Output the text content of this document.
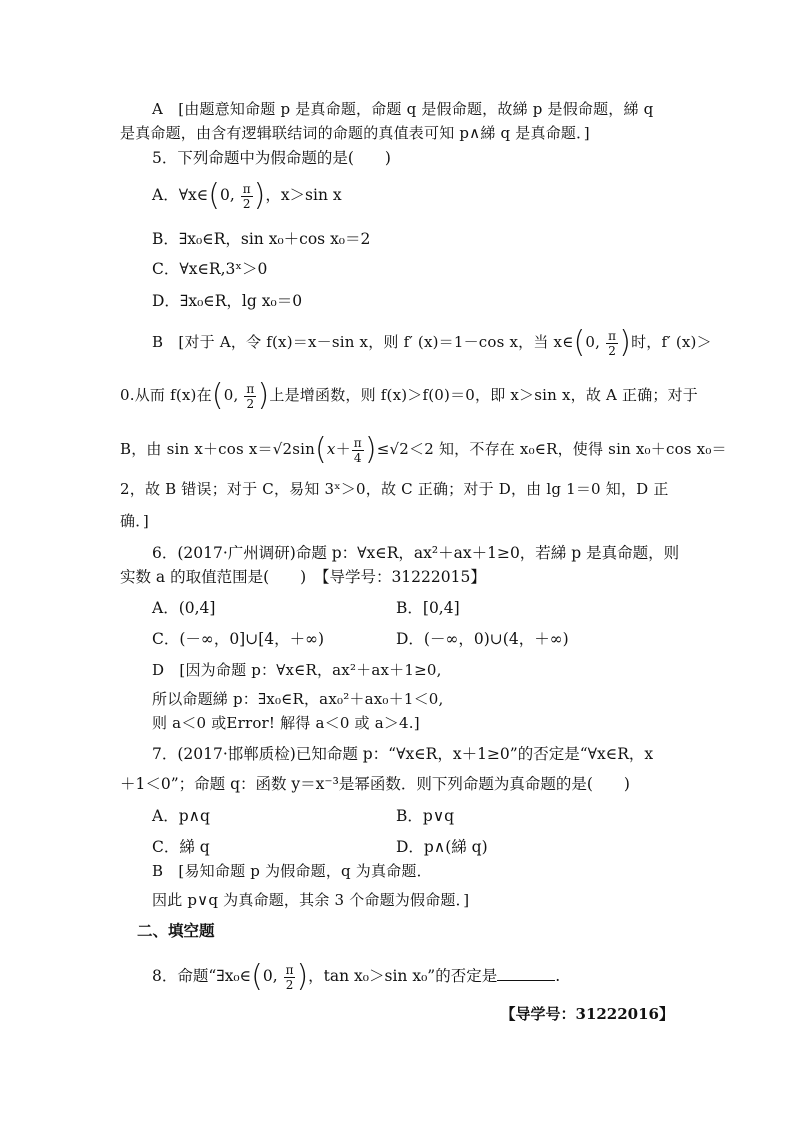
A　[由题意知命题 p 是真命题，命题 q 是假命题，故綈 p 是假命题，綈 q
是真命题，由含有逻辑联结词的命题的真值表可知 p∧綈 q 是真命题．]
5．下列命题中为假命题的是(　　)
A．∀x∈(0, $\frac{\pi}{2}$ )，x＞sin x
B．∃x₀∈R，sin x₀＋cos x₀＝2
C．∀x∈R,3ˣ＞0
D．∃x₀∈R，lg x₀＝0
B　[对于 A，令 f(x)＝x－sin x，则 f′ (x)＝1－cos x，当 x∈(0, $\frac{\pi}{2}$ )时，f′ (x)＞
0.从而 f(x)在(0, $\frac{\pi}{2}$ )上是增函数，则 f(x)＞f(0)＝0，即 x＞sin x，故 A 正确；对于
B，由 sin x＋cos $x=√2\sin(x+ \frac{\pi}{4} )\le√2<2$ 知，不存在 x₀∈R，使得 sin x₀＋cos x₀＝
2，故 B 错误；对于 C，易知 3ˣ＞0，故 C 正确；对于 D，由 lg 1＝0 知，D 正
确．]
6．(2017·广州调研)命题 p：∀x∈R，ax²＋ax＋1≥0，若綈 p 是真命题，则
实数 a 的取值范围是(　　)　【导学号：31222015】
A．(0,4]	B．[0,4]
C．(－∞，0]∪[4，＋∞)	D．(－∞，0)∪(4，＋∞)
D　[因为命题 p：∀x∈R，ax²＋ax＋1≥0,
所以命题綈 p：∃x₀∈R，ax₀²＋ax₀＋1＜0,
则 a＜0 或Error! 解得 a＜0 或 a＞4.]
7．(2017·邯郸质检)已知命题 p：“∀x∈R，x＋1≥0”的否定是“∀x∈R，x
＋1＜0”；命题 q：函数 y＝x⁻³是幂函数．则下列命题为真命题的是(　　)
A．p∧q	B．p∨q
C．綈 q	D．p∧(綈 q)
B　[易知命题 p 为假命题，q 为真命题．
因此 p∨q 为真命题，其余 3 个命题为假命题．]
二、填空题
8．命题“∃x₀∈(0, $\frac{\pi}{2}$ )，tan x₀＞sin x₀”的否定是	.
【导学号：31222016】
